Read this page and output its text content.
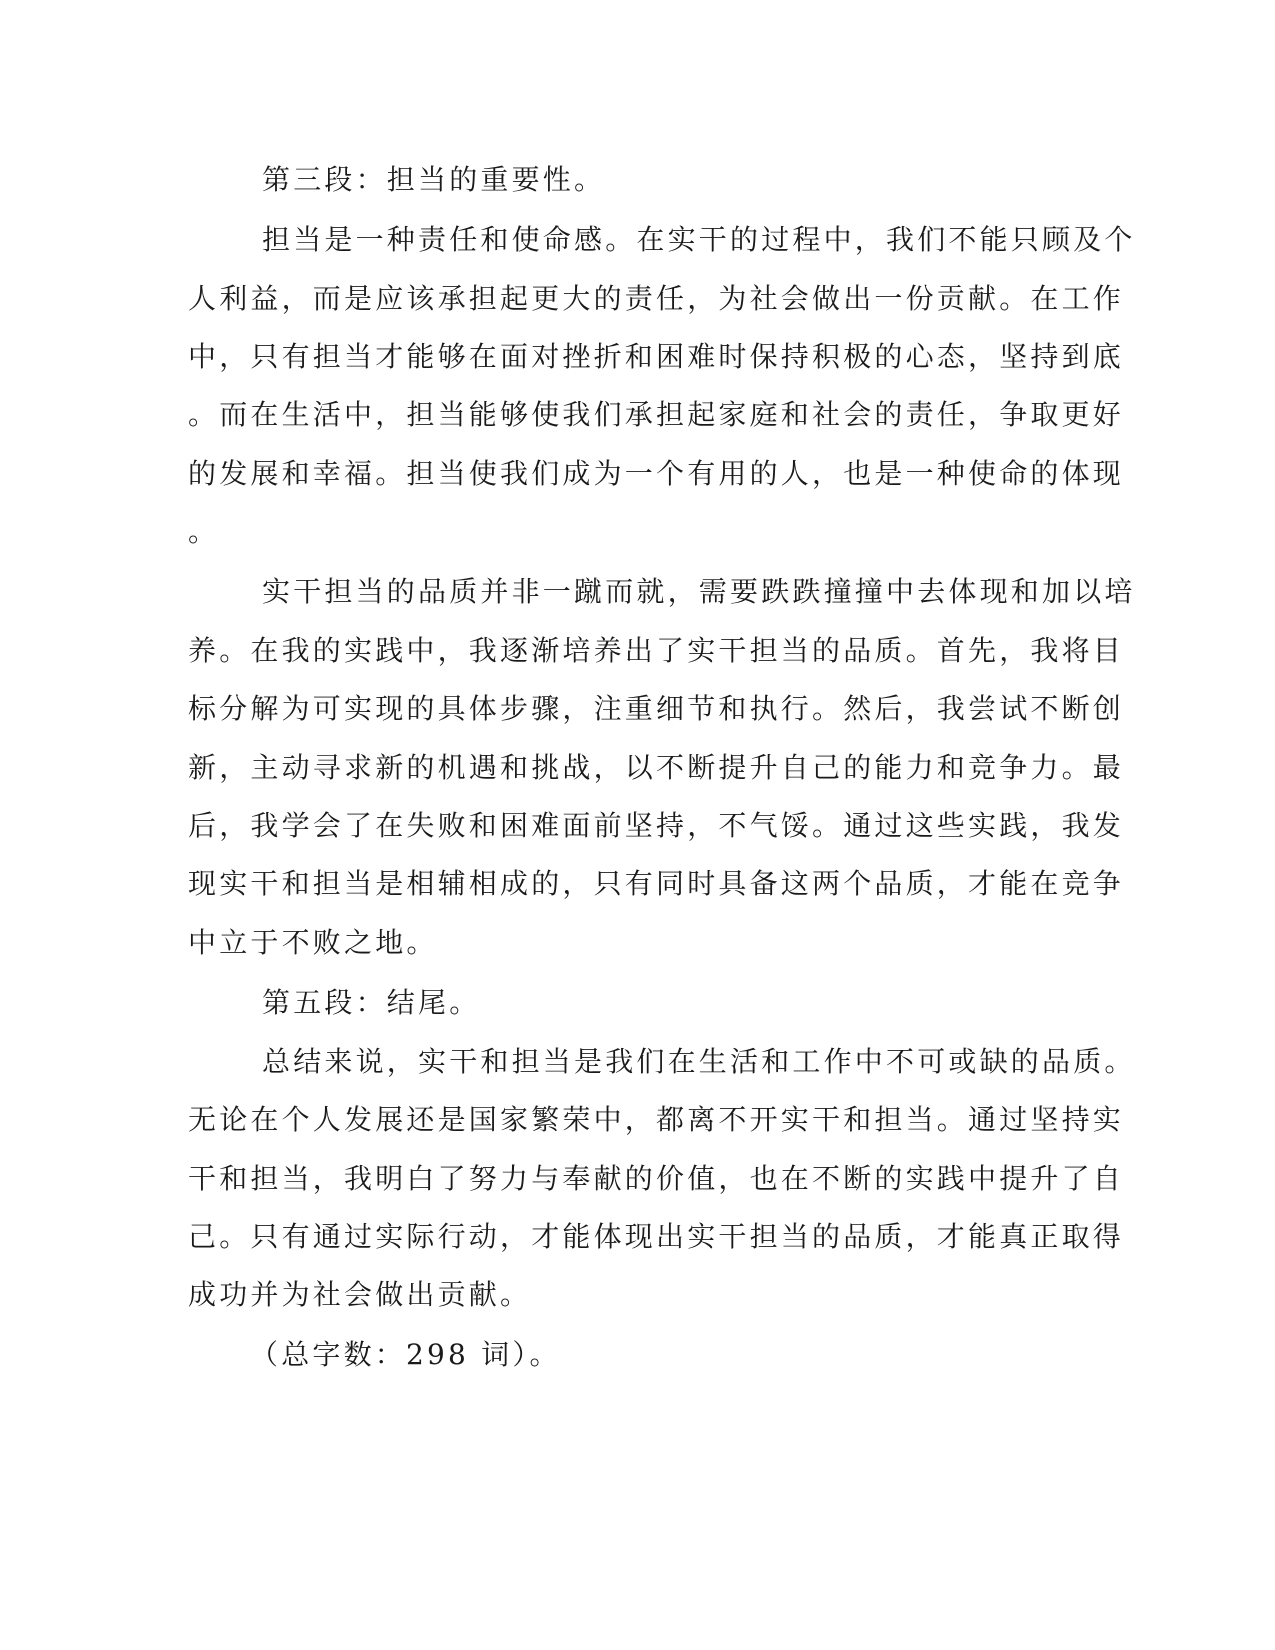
第三段：担当的重要性。

担当是一种责任和使命感。在实干的过程中，我们不能只顾及个

人利益，而是应该承担起更大的责任，为社会做出一份贡献。在工作

中，只有担当才能够在面对挫折和困难时保持积极的心态，坚持到底

。而在生活中，担当能够使我们承担起家庭和社会的责任，争取更好

的发展和幸福。担当使我们成为一个有用的人，也是一种使命的体现

。

实干担当的品质并非一蹴而就，需要跌跌撞撞中去体现和加以培

养。在我的实践中，我逐渐培养出了实干担当的品质。首先，我将目

标分解为可实现的具体步骤，注重细节和执行。然后，我尝试不断创

新，主动寻求新的机遇和挑战，以不断提升自己的能力和竞争力。最

后，我学会了在失败和困难面前坚持，不气馁。通过这些实践，我发

现实干和担当是相辅相成的，只有同时具备这两个品质，才能在竞争

中立于不败之地。

第五段：结尾。

总结来说，实干和担当是我们在生活和工作中不可或缺的品质。

无论在个人发展还是国家繁荣中，都离不开实干和担当。通过坚持实

干和担当，我明白了努力与奉献的价值，也在不断的实践中提升了自

己。只有通过实际行动，才能体现出实干担当的品质，才能真正取得

成功并为社会做出贡献。

（总字数：298 词）。
